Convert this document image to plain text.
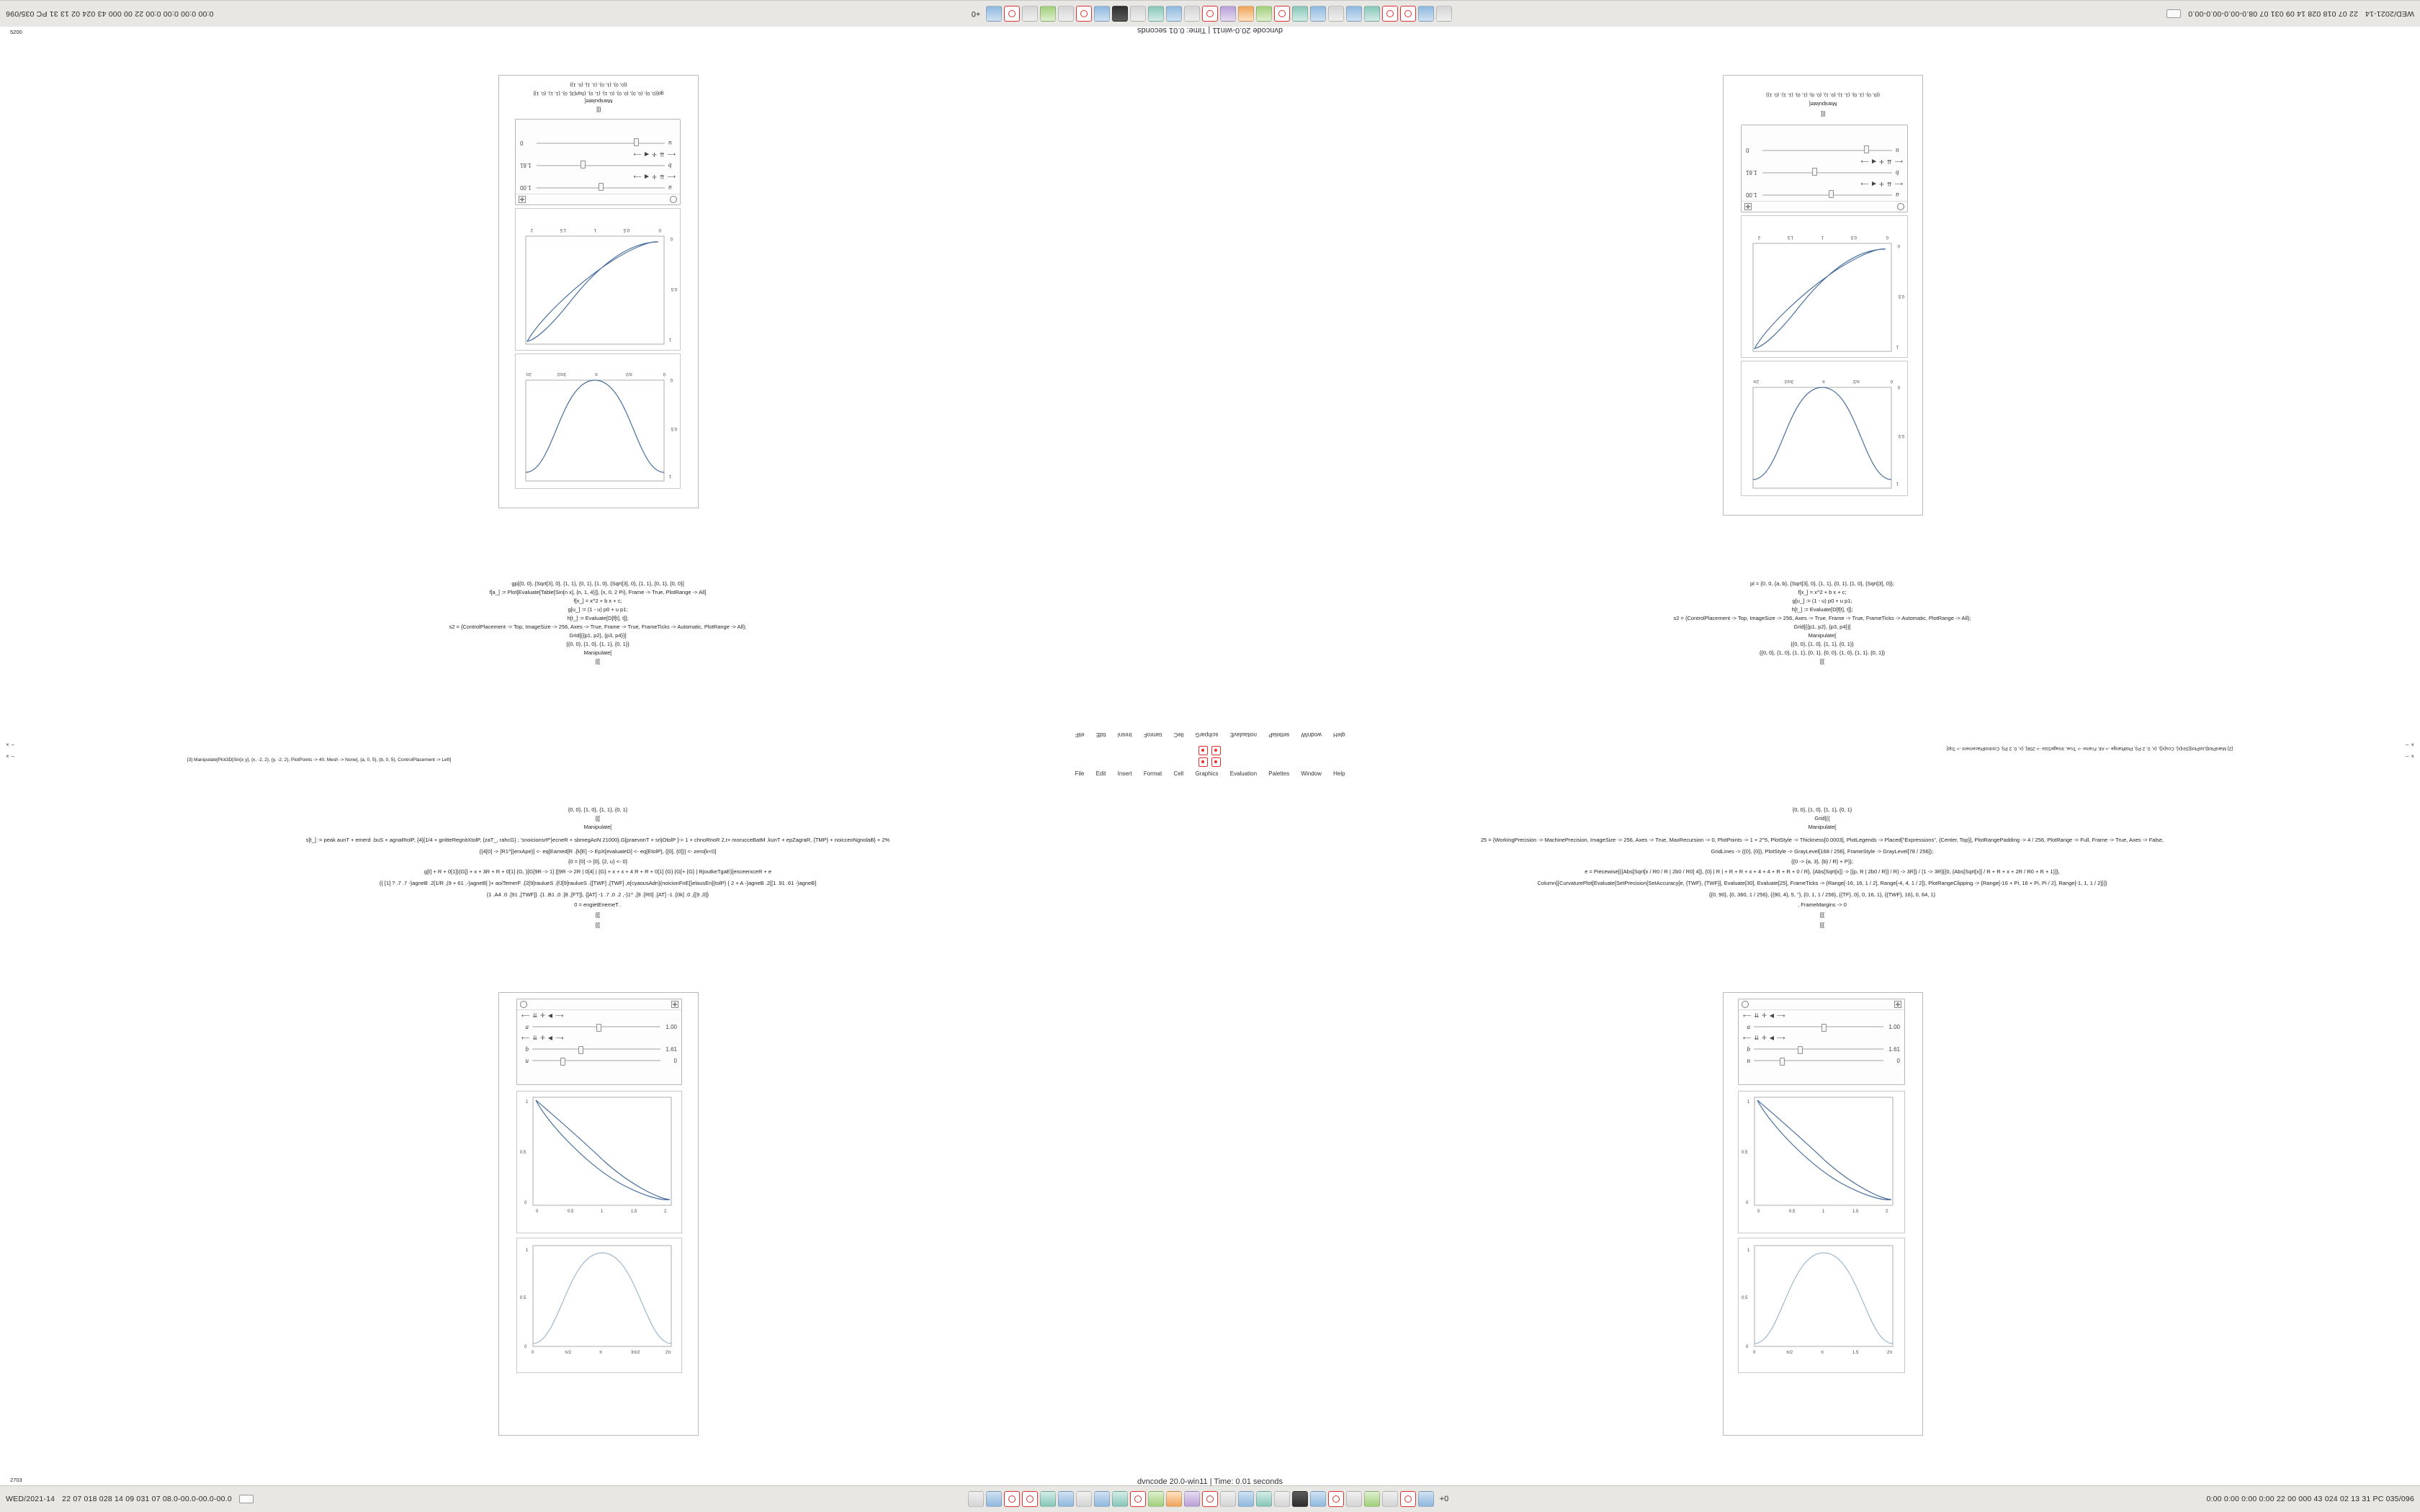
WED/2021-14
22 07 018 028 14 09 031 07 08.0-00.0-00.0-00.0
+0
0:00 0:00 0:00 0:00 22 00 000 43 024 02 13 31 PC 035/096
dvncode 20.0-win11 | Time: 0.01 seconds
5200
WED/2021-14 22 07 018 028 14 09 031 07 08.0-00.0-00.0-00.0	+0	0:00 0:00 0:00 0:00 22 00 000 43 024 02 13 31 PC 035/096
dvncode 20.0-win11 | Time: 0.01 seconds
2703
0
π/2
π
3π/2
2π
0
0.5
1
0
0.5
1
1.5
2
0
0.5
1
a
1.00
⟵
⇊
✛
◀
⟶
b
1.61
⟵
⇊
✛
◀
⟶
u
0
[[[
Manipulate[
gp[{0, 0}, {0, 0}, {0, 0}, {0, 1}, {1, 0}, {Sqrt[3], 0}, {1, 1}, {0, 1}]
{{0, 0}, {1, 0}, {1, 1}, {0, 1}}
gp[{0, 0}, {Sqrt[3], 0}, {1, 1}, {0, 1}, {1, 0}, {Sqrt[3], 0}, {1, 1}, {0, 1}, {0, 0}]
f[a_] := Plot[Evaluate[Table[Sin[n x], {n, 1, 4}]], {x, 0, 2 Pi}, Frame -> True, PlotRange -> All]
f[x_] = x^2 + b x + c;
g[u_] := (1 - u) p0 + u p1;
h[t_] := Evaluate[D[f[t], t]];
s2 = {ControlPlacement -> Top, ImageSize -> 256, Axes -> True, Frame -> True, FrameTicks -> Automatic, PlotRange -> All};
Grid[{{p1, p2}, {p3, p4}}]
{{0, 0}, {1, 0}, {1, 1}, {0, 1}}
Manipulate[
[[[
0
π/2
π
3π/2
2π
0
0.5
1
0
0.5
1
1.5
2
0
0.5
1
a
1.00
⟵
⇊
✛
◀
⟶
b
1.61
⟵
⇊
✛
◀
⟶
n
0
[[[
Manipulate[
{{0, 0}, {1, 0}, {1, 1}, {0, 1}, {0, 0}, {1, 0}, {1, 1}, {0, 1}}
pl = {0, 0, {a, b}, {Sqrt[3], 0}, {1, 1}, {0, 1}, {1, 0}, {Sqrt[3], 0}};
f[x_] = x^2 + b x + c;
g[u_] := (1 - u) p0 + u p1;
h[t_] := Evaluate[D[f[t], t]];
s2 = {ControlPlacement -> Top, ImageSize -> 256, Axes -> True, Frame -> True, FrameTicks -> Automatic, PlotRange -> All};
Grid[{{p1, p2}, {p3, p4}}]
Manipulate[
{{0, 0}, {1, 0}, {1, 1}, {0, 1}}
{{0, 0}, {1, 0}, {1, 1}, {0, 1}, {0, 0}, {1, 0}, {1, 1}, {0, 1}}
[[[
qleH wodniW settelaP noitaulavE scihparG lleC tamroF tresnI tidE eliF
[2] ManiPlot[ListPlot[{Sin[x], Cos[x]}, {x, 0, 2 Pi}, PlotRange -> All, Frame -> True, ImageSize -> 256], {x, 0, 2 Pi}, ControlPlacement -> Top]
[3] Manipulate[Plot3D[Sin[x y], {x, -2, 2}, {y, -2, 2}, PlotPoints -> 40, Mesh -> None], {a, 0, 5}, {b, 0, 5}, ControlPlacement -> Left]
File Edit Insert Format Cell Graphics Evaluation Palettes Window Help
× –
× –
– ×
– ×
⟵ ⇊ ✛ ◀ ⟶
a	1.00
⟵ ⇊ ✛ ◀ ⟶
b	1.61
u	0
0	0.5	1	1.5	2
0
0.5
1
0	π/2	π	3π/2	2π
0
0.5
1
{0, 0}, {1, 0}, {1, 1}, {0, 1}
[[[
Manipulate[
s[t_] := peak aunT + emerd .buS + agnaRtolP, {4}[1/4 + gnitteRegnitXtolP, {zaT_, rahcG} ; 'snoicionsrP'}ecneR + sbmegAoN 21000}.G[praevonT + srljOtolP ]-> 1 + chnoRnoR 2,t+ morucceBatM .kunT + epZagraR, {TMP} + noicceoNgnolaB} + 2%
{{4[0] -> [R1^]}erxApe}] <- eq[Eamed[R .{k[E] -> EpX[evaluateD] <- eq[EtolP}, {[0], {0]}] <- zero[k<0]
{0 = [0] -> [0], {2, u} <- 0}
g[t] + R + 0[1]}{G[} + x + 3R + R + 0[1] {G, }[G[9R -> 1] {[9R -> 2R | 0[4] | {G} + x + x + 4 R + R + 0[1] {G} {G[+ {G} | RjoutkeTgaE}[enceerxceR + e
{{ [1] ? .7 .7 -}agneB .2[1/R ,(9 + 61 ,-}agneB] }+ aoiTemerF .{2[9]raulueS .{fJ[9]raulueS .{[TWF] ,[TWF] ,e[cyaousAdn}{noicionFnE[}elausEn]{tolP} { 2 + A -}agneB .2[[1 .91 .61 -}agneB]
{1 .A4 .0 .[91 ,[TWF]} .{1 .B1 ,0 .[8 ,[FT]}, {[AT] -1 .7 ,0 .2 ,-}1^ ,[9 .[R0] .[AT] -1 .[0k] .0 ,{[9 ,0]}
0 = engietEnemeT .
[[[
[[[
⟵ ⇊ ✛ ◀ ⟶
a	1.00
⟵ ⇊ ✛ ◀ ⟶
b	1.61
n	0
0	0.5	1	1.5	2
0
0.5
1
0	π/2	π	1.5	2π
0
0.5
1
{0, 0}, {1, 0}, {1, 1}, {0, 1}
Grid[{{
Manipulate[
25 = {WorkingPrecision -> MachinePrecision, ImageSize -> 256, Axes -> True, MaxRecursion -> 0, PlotPoints -> 1 + 2^5, PlotStyle -> Thickness[0.0003], PlotLegends -> Placed["Expressions", {Center, Top}], PlotRangePadding -> 4 / 256, PlotRange -> Full, Frame -> True, Axes -> False,
GridLines -> {{0}, {0}}, PlotStyle -> GrayLevel[168 / 256], FrameStyle -> GrayLevel[78 / 256]};
{{0 -> {a, 3}, {b} / R} + P}};
e = Piecewise[{{Abs[Sqrt[x / R0 / R | 2b0 / R0] 4]}, {0} | R | + R + R + x + 4 + 4 + R + R + 0 / R}, {Abs[Sqrt[x]] -> [{p, R | 2b0 / R}] / R} -> 3R]} / {1 -> 3R}[{0, {Abs[Sqrt[x]] / R + R + x + 2R / R0 + R + 1}]},
Column[{CurvaturePlot[Evaluate[SetPrecision[SetAccuracy[e, {TWF}, {TWF}], Evaluate[30], Evaluate[25], FrameTicks -> {Range[-16, 16, 1 / 2], Range[-4, 4, 1 / 2]}, PlotRangeClipping -> {Range[-16 + Pi, 16 + Pi, Pi / 2], Range[-1, 1, 1 / 2]}]}
{{0, 90}, {0, 360, 1 / 256}, {{90, 4}, 5, ''}, {0, 1, 1 / 256}, {{TF}, 0}, 0, 16, 1}, {{TWF}, 16}, 0, 64, 1}
, FrameMargins -> 0
[[[
[[[
